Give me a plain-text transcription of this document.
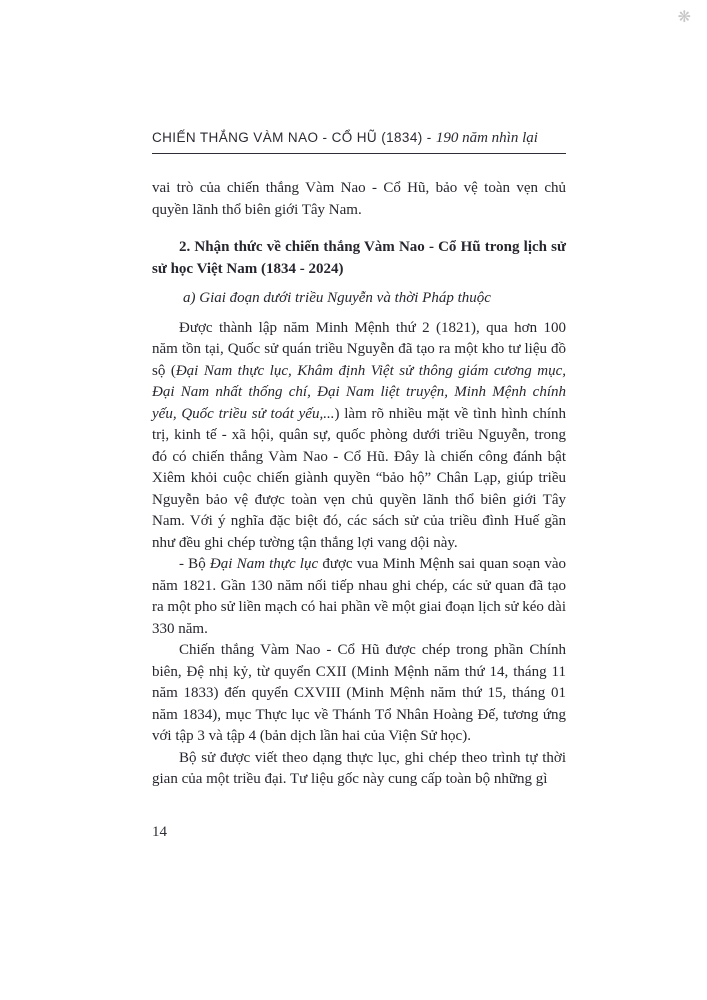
❋
CHIẾN THẮNG VÀM NAO - CỔ HŨ (1834) - 190 năm nhìn lại

vai trò của chiến thắng Vàm Nao - Cổ Hũ, bảo vệ toàn vẹn chủ quyền lãnh thổ biên giới Tây Nam.

2. Nhận thức về chiến thắng Vàm Nao - Cổ Hũ trong lịch sử sử học Việt Nam (1834 - 2024)

a) Giai đoạn dưới triều Nguyễn và thời Pháp thuộc

Được thành lập năm Minh Mệnh thứ 2 (1821), qua hơn 100 năm tồn tại, Quốc sử quán triều Nguyễn đã tạo ra một kho tư liệu đồ sộ (Đại Nam thực lục, Khâm định Việt sử thông giám cương mục, Đại Nam nhất thống chí, Đại Nam liệt truyện, Minh Mệnh chính yếu, Quốc triều sử toát yếu,...) làm rõ nhiều mặt về tình hình chính trị, kinh tế - xã hội, quân sự, quốc phòng dưới triều Nguyễn, trong đó có chiến thắng Vàm Nao - Cổ Hũ. Đây là chiến công đánh bật Xiêm khỏi cuộc chiến giành quyền “bảo hộ” Chân Lạp, giúp triều Nguyễn bảo vệ được toàn vẹn chủ quyền lãnh thổ biên giới Tây Nam. Với ý nghĩa đặc biệt đó, các sách sử của triều đình Huế gần như đều ghi chép tường tận thắng lợi vang dội này.

- Bộ Đại Nam thực lục được vua Minh Mệnh sai quan soạn vào năm 1821. Gần 130 năm nối tiếp nhau ghi chép, các sử quan đã tạo ra một pho sử liền mạch có hai phần về một giai đoạn lịch sử kéo dài 330 năm.

Chiến thắng Vàm Nao - Cổ Hũ được chép trong phần Chính biên, Đệ nhị kỷ, từ quyển CXII (Minh Mệnh năm thứ 14, tháng 11 năm 1833) đến quyển CXVIII (Minh Mệnh năm thứ 15, tháng 01 năm 1834), mục Thực lục về Thánh Tổ Nhân Hoàng Đế, tương ứng với tập 3 và tập 4 (bản dịch lần hai của Viện Sử học).

Bộ sử được viết theo dạng thực lục, ghi chép theo trình tự thời gian của một triều đại. Tư liệu gốc này cung cấp toàn bộ những gì

14
